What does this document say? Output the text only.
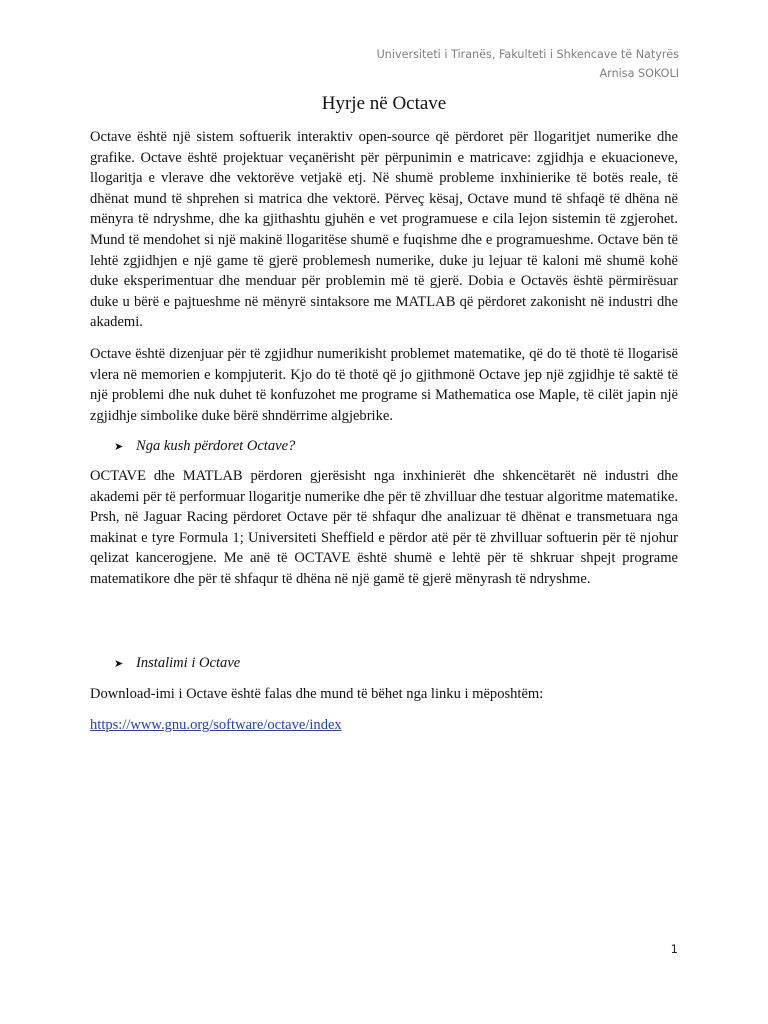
Universiteti i Tiranës, Fakulteti i Shkencave të Natyrës
Arnisa SOKOLI
Hyrje në Octave

Octave është një sistem softuerik interaktiv open-source që përdoret për llogaritjet numerike dhe grafike. Octave është projektuar veçanërisht për përpunimin e matricave: zgjidhja e ekuacioneve, llogaritja e vlerave dhe vektorëve vetjakë etj. Në shumë probleme inxhinierike të botës reale, të dhënat mund të shprehen si matrica dhe vektorë. Përveç kësaj, Octave mund të shfaqë të dhëna në mënyra të ndryshme, dhe ka gjithashtu gjuhën e vet programuese e cila lejon sistemin të zgjerohet. Mund të mendohet si një makinë llogaritëse shumë e fuqishme dhe e programueshme. Octave bën të lehtë zgjidhjen e një game të gjerë problemesh numerike, duke ju lejuar të kaloni më shumë kohë duke eksperimentuar dhe menduar për problemin më të gjerë. Dobia e Octavës është përmirësuar duke u bërë e pajtueshme në mënyrë sintaksore me MATLAB që përdoret zakonisht në industri dhe akademi.

Octave është dizenjuar për të zgjidhur numerikisht problemet matematike, që do të thotë të llogarisë vlera në memorien e kompjuterit. Kjo do të thotë që jo gjithmonë Octave jep një zgjidhje të saktë të një problemi dhe nuk duhet të konfuzohet me programe si Mathematica ose Maple, të cilët japin një zgjidhje simbolike duke bërë shndërrime algjebrike.

➤ Nga kush përdoret Octave?

OCTAVE dhe MATLAB përdoren gjerësisht nga inxhinierët dhe shkencëtarët në industri dhe akademi për të performuar llogaritje numerike dhe për të zhvilluar dhe testuar algoritme matematike. Prsh, në Jaguar Racing përdoret Octave për të shfaqur dhe analizuar të dhënat e transmetuara nga makinat e tyre Formula 1; Universiteti Sheffield e përdor atë për të zhvilluar softuerin për të njohur qelizat kancerogjene. Me anë të OCTAVE është shumë e lehtë për të shkruar shpejt programe matematikore dhe për të shfaqur të dhëna në një gamë të gjerë mënyrash të ndryshme.

➤ Instalimi i Octave
Download-imi i Octave është falas dhe mund të bëhet nga linku i mëposhtëm:
https://www.gnu.org/software/octave/index
1
